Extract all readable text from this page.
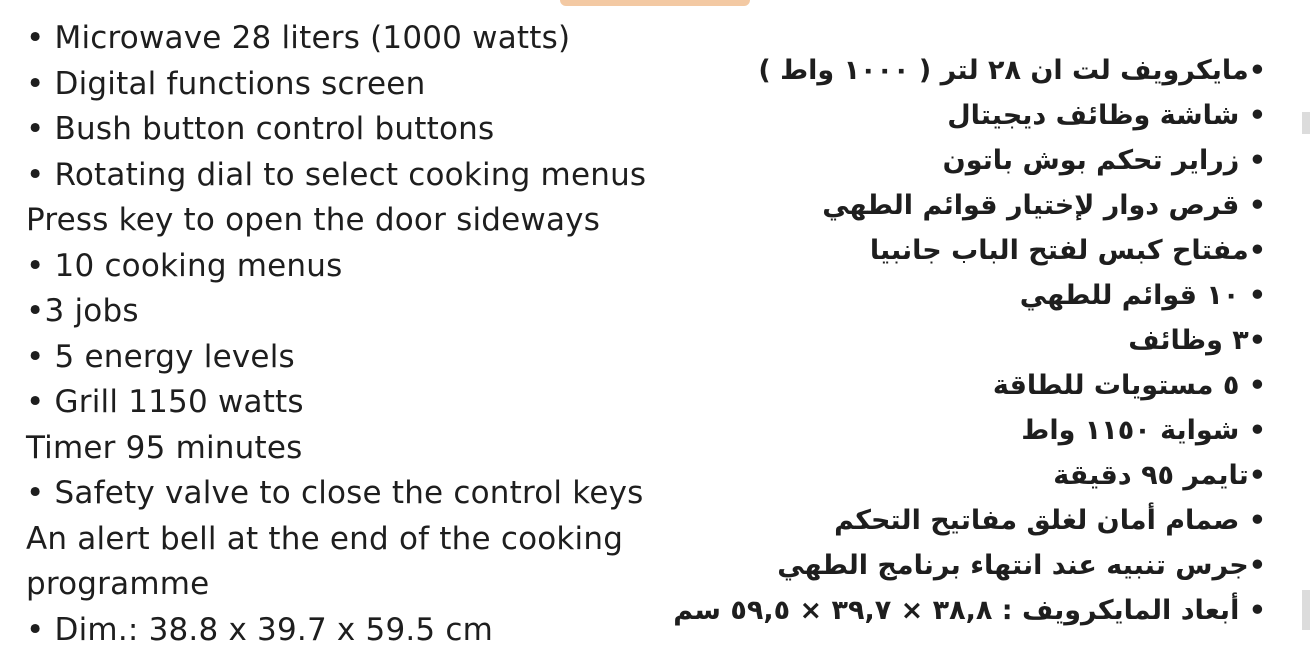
• Microwave 28 liters (1000 watts)
• Digital functions screen
• Bush button control buttons
• Rotating dial to select cooking menus
Press key to open the door sideways
• 10 cooking menus
•3 jobs
• 5 energy levels
• Grill 1150 watts
Timer 95 minutes
• Safety valve to close the control keys
An alert bell at the end of the cooking
programme
• Dim.: 38.8 x 39.7 x 59.5 cm
•مايكرويف لت ان ٢٨ لتر ( ١٠٠٠ واط )
• شاشة وظائف ديجيتال
• زراير تحكم بوش باتون
• قرص دوار لإختيار قوائم الطهي
•مفتاح كبس لفتح الباب جانبيا
• ١٠ قوائم للطهي
•٣ وظائف
• ٥ مستويات للطاقة
• شواية ١١٥٠ واط
•تايمر ٩٥ دقيقة
• صمام أمان لغلق مفاتيح التحكم
•جرس تنبيه عند انتهاء برنامج الطهي
• أبعاد المايكرويف : ٣٨,٨ × ٣٩,٧ × ٥٩,٥ سم
